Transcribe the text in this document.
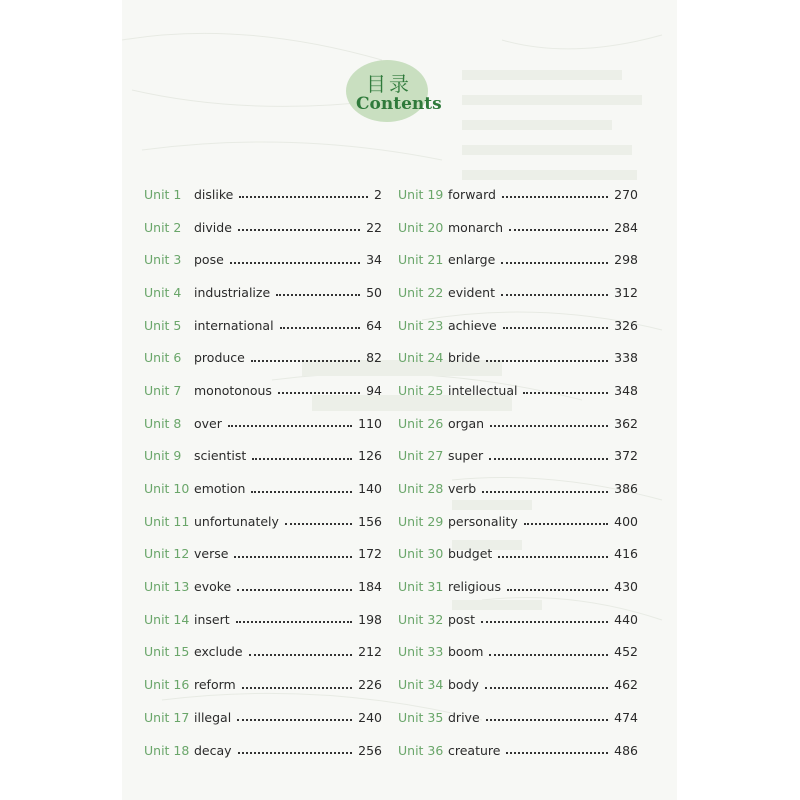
目录
Contents
Unit 1	dislike	2
Unit 2	divide	22
Unit 3	pose	34
Unit 4	industrialize	50
Unit 5	international	64
Unit 6	produce	82
Unit 7	monotonous	94
Unit 8	over	110
Unit 9	scientist	126
Unit 10 emotion	140
Unit 11 unfortunately	156
Unit 12 verse	172
Unit 13 evoke	184
Unit 14 insert	198
Unit 15 exclude	212
Unit 16 reform	226
Unit 17 illegal	240
Unit 18 decay	256
Unit 19 forward	270
Unit 20 monarch	284
Unit 21 enlarge	298
Unit 22 evident	312
Unit 23 achieve	326
Unit 24 bride	338
Unit 25 intellectual	348
Unit 26 organ	362
Unit 27 super	372
Unit 28 verb	386
Unit 29 personality	400
Unit 30 budget	416
Unit 31 religious	430
Unit 32 post	440
Unit 33 boom	452
Unit 34 body	462
Unit 35 drive	474
Unit 36 creature	486
